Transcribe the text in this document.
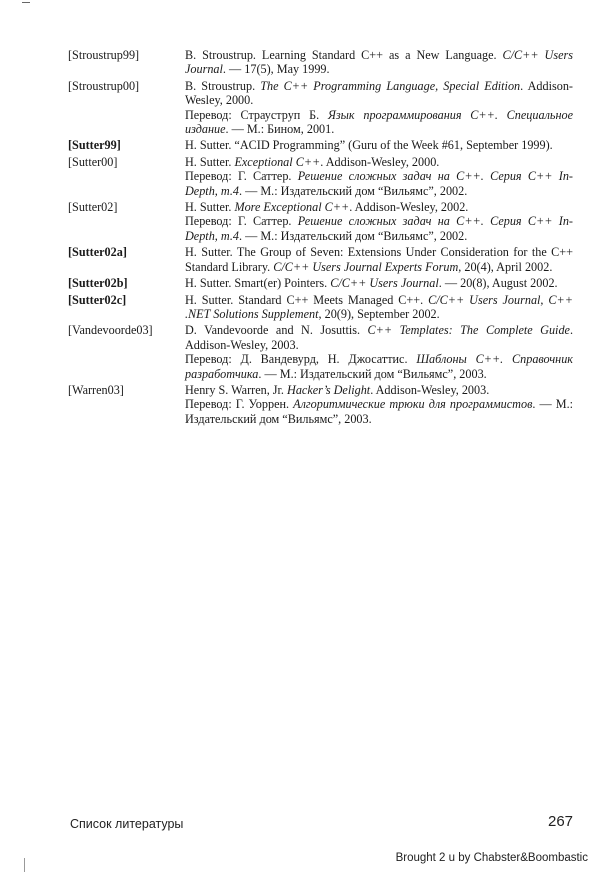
[Stroustrup99]	B. Stroustrup. Learning Standard C++ as a New Language. C/C++ Users Journal. — 17(5), May 1999.

[Stroustrup00]	B. Stroustrup. The C++ Programming Language, Special Edition. Addison-Wesley, 2000.

Перевод: Страуструп Б. Язык программирования C++. Специальное издание. — М.: Бином, 2001.

[Sutter99]	H. Sutter. “ACID Programming” (Guru of the Week #61, September 1999).

[Sutter00]	H. Sutter. Exceptional C++. Addison-Wesley, 2000.

Перевод: Г. Саттер. Решение сложных задач на C++. Серия C++ In-Depth, т.4. — М.: Издательский дом “Вильямс”, 2002.

[Sutter02]	H. Sutter. More Exceptional C++. Addison-Wesley, 2002.

Перевод: Г. Саттер. Решение сложных задач на C++. Серия C++ In-Depth, т.4. — М.: Издательский дом “Вильямс”, 2002.

[Sutter02a]	H. Sutter. The Group of Seven: Extensions Under Consideration for the C++ Standard Library. C/C++ Users Journal Experts Forum, 20(4), April 2002.

[Sutter02b]	H. Sutter. Smart(er) Pointers. C/C++ Users Journal. — 20(8), August 2002.

[Sutter02c]	H. Sutter. Standard C++ Meets Managed C++. C/C++ Users Journal, C++ .NET Solutions Supplement, 20(9), September 2002.

[Vandevoorde03]	D. Vandevoorde and N. Josuttis. C++ Templates: The Complete Guide. Addison-Wesley, 2003.

Перевод: Д. Вандевурд, Н. Джосаттис. Шаблоны C++. Справочник разработчика. — М.: Издательский дом “Вильямс”, 2003.

[Warren03]	Henry S. Warren, Jr. Hacker’s Delight. Addison-Wesley, 2003.

Перевод: Г. Уоррен. Алгоритмические трюки для программистов. — М.: Издательский дом “Вильямс”, 2003.

Список литературы	267
Brought 2 u by Chabster&Boombastic
